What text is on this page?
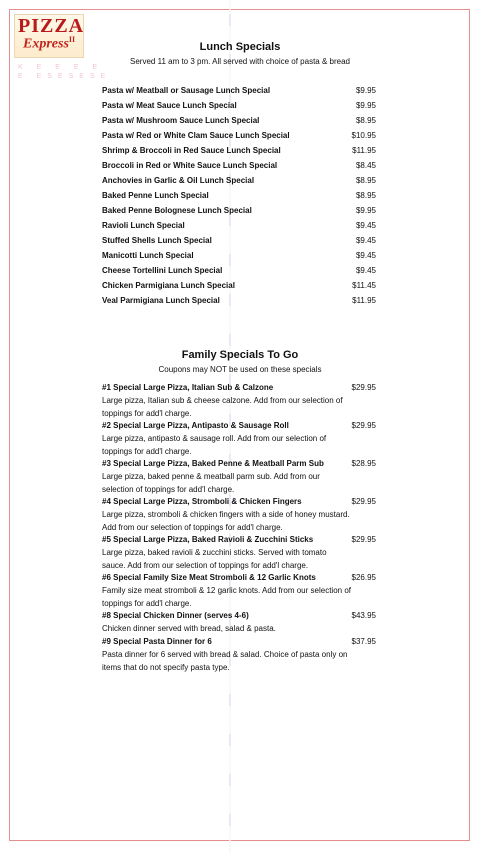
PIZZA
Express$^{II}$
K E E E E
E ESESESE
Lunch Specials
Served 11 am to 3 pm. All served with choice of pasta & bread
Pasta w/ Meatball or Sausage Lunch Special	$9.95
Pasta w/ Meat Sauce Lunch Special	$9.95
Pasta w/ Mushroom Sauce Lunch Special	$8.95
Pasta w/ Red or White Clam Sauce Lunch Special	$10.95
Shrimp & Broccoli in Red Sauce Lunch Special	$11.95
Broccoli in Red or White Sauce Lunch Special	$8.45
Anchovies in Garlic & Oil Lunch Special	$8.95
Baked Penne Lunch Special	$8.95
Baked Penne Bolognese Lunch Special	$9.95
Ravioli Lunch Special	$9.45
Stuffed Shells Lunch Special	$9.45
Manicotti Lunch Special	$9.45
Cheese Tortellini Lunch Special	$9.45
Chicken Parmigiana Lunch Special	$11.45
Veal Parmigiana Lunch Special	$11.95
Family Specials To Go
Coupons may NOT be used on these specials
#1 Special Large Pizza, Italian Sub & Calzone	$29.95
Large pizza, Italian sub & cheese calzone. Add from our selection of toppings for add'l charge.
#2 Special Large Pizza, Antipasto & Sausage Roll	$29.95
Large pizza, antipasto & sausage roll. Add from our selection of toppings for add'l charge.
#3 Special Large Pizza, Baked Penne & Meatball Parm Sub	$28.95
Large pizza, baked penne & meatball parm sub. Add from our selection of toppings for add'l charge.
#4 Special Large Pizza, Stromboli & Chicken Fingers	$29.95
Large pizza, stromboli & chicken fingers with a side of honey mustard. Add from our selection of toppings for add'l charge.
#5 Special Large Pizza, Baked Ravioli & Zucchini Sticks	$29.95
Large pizza, baked ravioli & zucchini sticks. Served with tomato sauce. Add from our selection of toppings for add'l charge.
#6 Special Family Size Meat Stromboli & 12 Garlic Knots	$26.95
Family size meat stromboli & 12 garlic knots. Add from our selection of toppings for add'l charge.
#8 Special Chicken Dinner (serves 4-6)	$43.95
Chicken dinner served with bread, salad & pasta.
#9 Special Pasta Dinner for 6	$37.95
Pasta dinner for 6 served with bread & salad. Choice of pasta only on items that do not specify pasta type.
